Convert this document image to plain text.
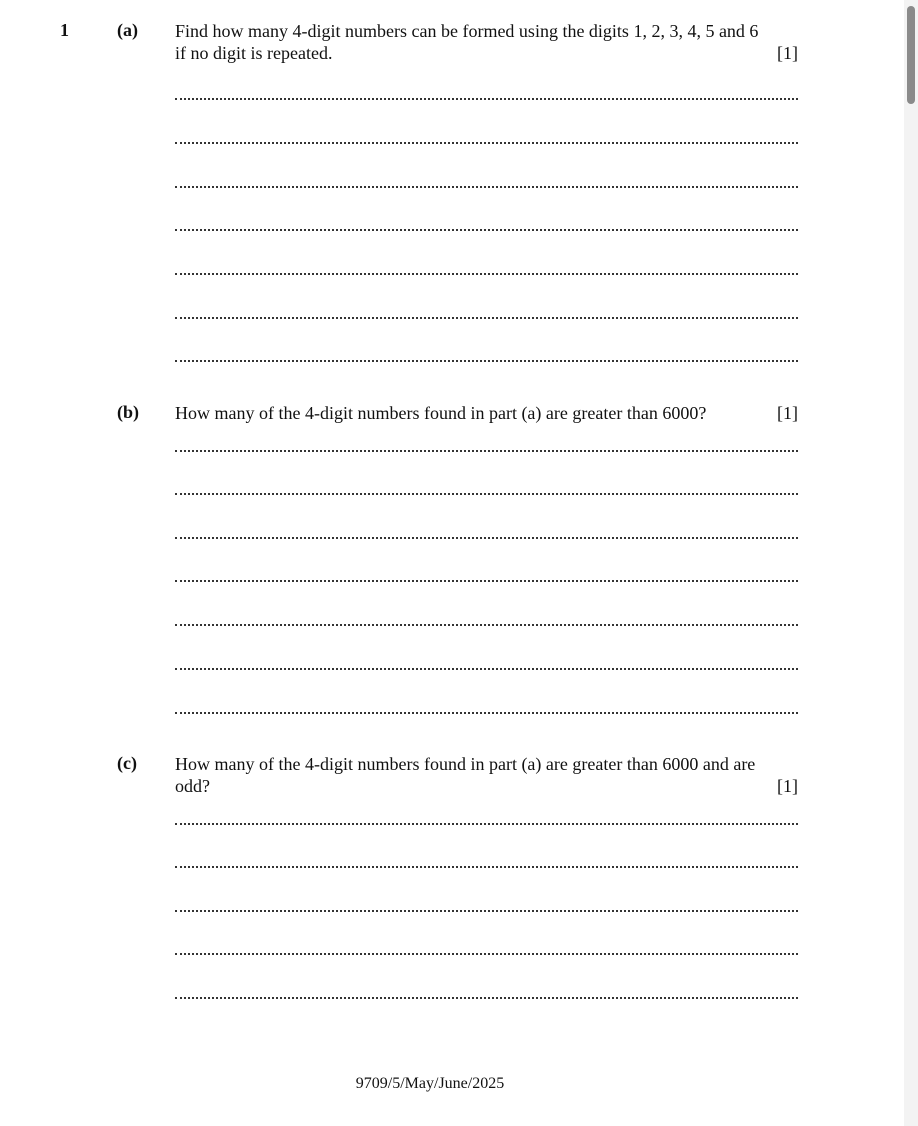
1	(a) Find how many 4-digit numbers can be formed using the digits 1, 2, 3, 4, 5 and 6
if no digit is repeated.	[1]
(b) How many of the 4-digit numbers found in part (a) are greater than 6000?	[1]
(c) How many of the 4-digit numbers found in part (a) are greater than 6000 and are
odd?	[1]
9709/5/May/June/2025
